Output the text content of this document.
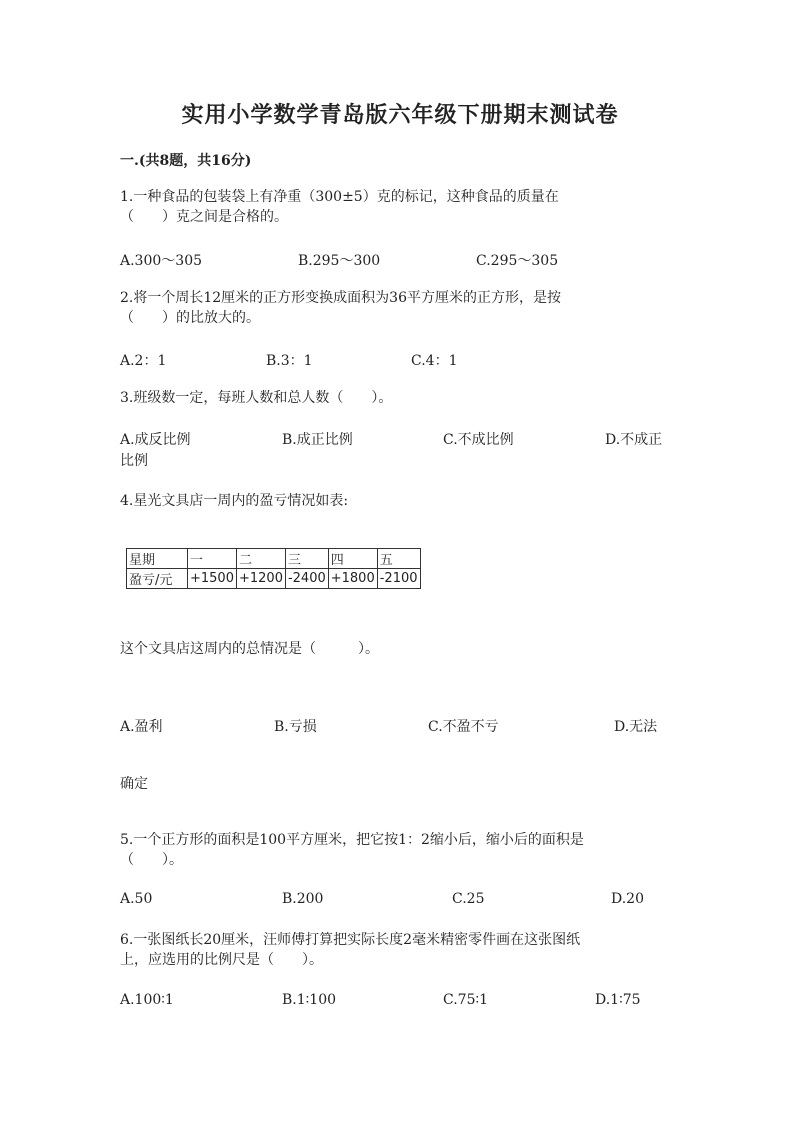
实用小学数学青岛版六年级下册期末测试卷
一.(共8题，共16分)
1.一种食品的包装袋上有净重（300±5）克的标记，这种食品的质量在
（　　）克之间是合格的。
A.300～305	B.295～300	C.295～305
2.将一个周长12厘米的正方形变换成面积为36平方厘米的正方形，是按
（　　）的比放大的。
A.2：1	B.3：1	C.4：1
3.班级数一定，每班人数和总人数（　　）。
A.成反比例	B.成正比例	C.不成比例	D.不成正
比例
4.星光文具店一周内的盈亏情况如表:
星期	一	二	三	四	五
盈亏/元	+1500	+1200	-2400	+1800	-2100
这个文具店这周内的总情况是（　　　）。
A.盈利	B.亏损	C.不盈不亏	D.无法
确定
5.一个正方形的面积是100平方厘米，把它按1：2缩小后，缩小后的面积是
（　　）。
A.50	B.200	C.25	D.20
6.一张图纸长20厘米，汪师傅打算把实际长度2毫米精密零件画在这张图纸
上，应选用的比例尺是（　　）。
A.100∶1	B.1∶100	C.75∶1	D.1∶75
